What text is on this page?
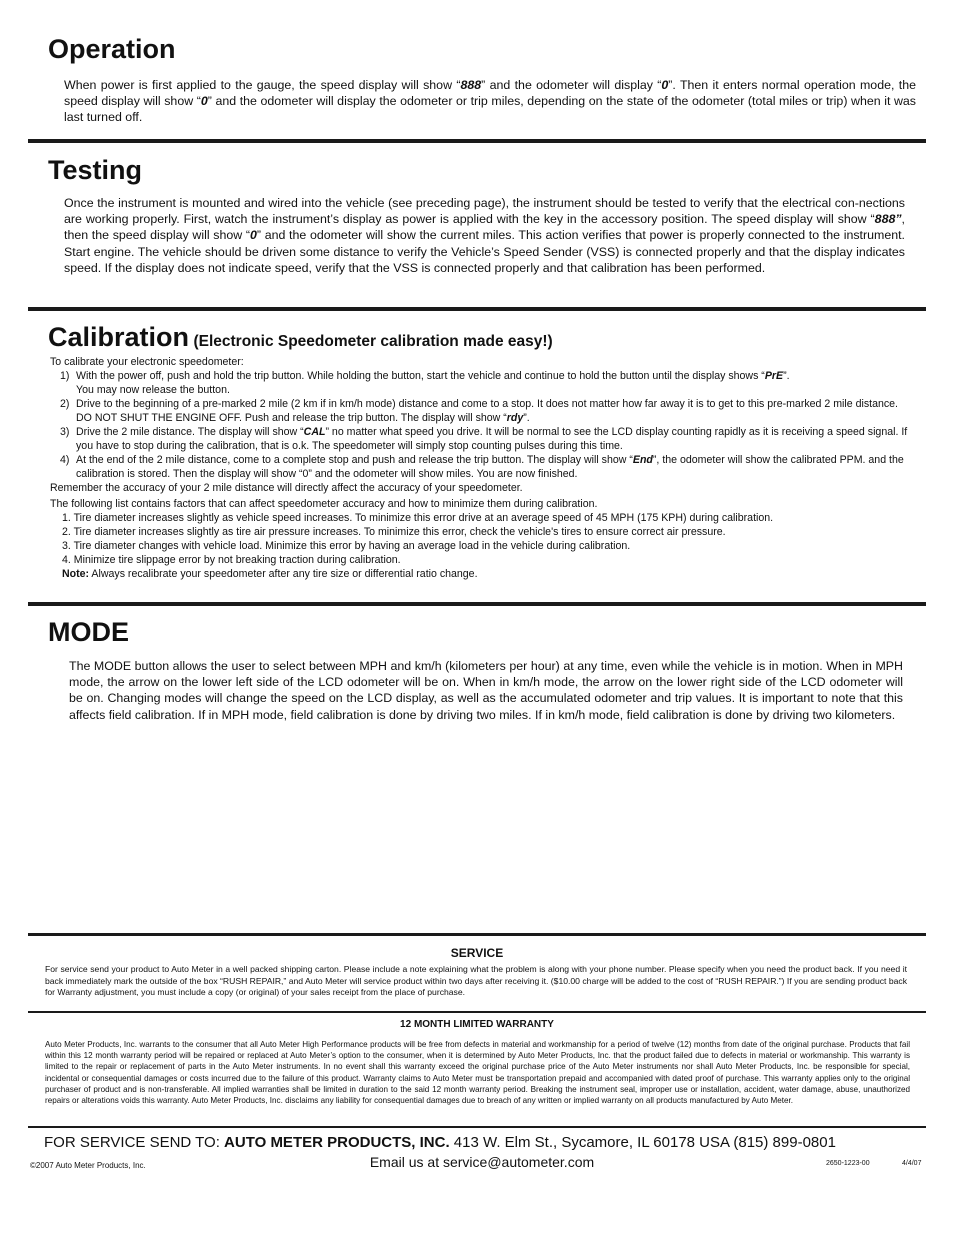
Operation

When power is first applied to the gauge, the speed display will show “888” and the odometer will display “0”. Then it enters normal operation mode, the speed display will show “0” and the odometer will display the odometer or trip miles, depending on the state of the odometer (total miles or trip) when it was last turned off.

Testing

Once the instrument is mounted and wired into the vehicle (see preceding page), the instrument should be tested to verify that the electrical con-nections are working properly. First, watch the instrument’s display as power is applied with the key in the accessory position. The speed display will show “888”, then the speed display will show “0” and the odometer will show the current miles. This action verifies that power is properly connected to the instrument. Start engine. The vehicle should be driven some distance to verify the Vehicle’s Speed Sender (VSS) is connected properly and that the display indicates speed. If the display does not indicate speed, verify that the VSS is connected properly and that calibration has been performed.

Calibration (Electronic Speedometer calibration made easy!)
To calibrate your electronic speedometer:
1) With the power off, push and hold the trip button. While holding the button, start the vehicle and continue to hold the button until the display shows “PrE”.
You may now release the button.
2) Drive to the beginning of a pre-marked 2 mile (2 km if in km/h mode) distance and come to a stop. It does not matter how far away it is to get to this pre-marked 2 mile distance. DO NOT SHUT THE ENGINE OFF. Push and release the trip button. The display will show “rdy”.
3) Drive the 2 mile distance. The display will show “CAL” no matter what speed you drive. It will be normal to see the LCD display counting rapidly as it is receiving a speed signal. If you have to stop during the calibration, that is o.k. The speedometer will simply stop counting pulses during this time.
4) At the end of the 2 mile distance, come to a complete stop and push and release the trip button. The display will show “End”, the odometer will show the calibrated PPM. and the calibration is stored. Then the display will show “0” and the odometer will show miles. You are now finished.
Remember the accuracy of your 2 mile distance will directly affect the accuracy of your speedometer.
The following list contains factors that can affect speedometer accuracy and how to minimize them during calibration.
1. Tire diameter increases slightly as vehicle speed increases. To minimize this error drive at an average speed of 45 MPH (175 KPH) during calibration.
2. Tire diameter increases slightly as tire air pressure increases. To minimize this error, check the vehicle's tires to ensure correct air pressure.
3. Tire diameter changes with vehicle load. Minimize this error by having an average load in the vehicle during calibration.
4. Minimize tire slippage error by not breaking traction during calibration.
Note: Always recalibrate your speedometer after any tire size or differential ratio change.
MODE

The MODE button allows the user to select between MPH and km/h (kilometers per hour) at any time, even while the vehicle is in motion. When in MPH mode, the arrow on the lower left side of the LCD odometer will be on. When in km/h mode, the arrow on the lower right side of the LCD odometer will be on. Changing modes will change the speed on the LCD display, as well as the accumulated odometer and trip values. It is important to note that this affects field calibration. If in MPH mode, field calibration is done by driving two miles. If in km/h mode, field calibration is done by driving two kilometers.

SERVICE

For service send your product to Auto Meter in a well packed shipping carton. Please include a note explaining what the problem is along with your phone number. Please specify when you need the product back. If you need it back immediately mark the outside of the box “RUSH REPAIR,” and Auto Meter will service product within two days after receiving it. ($10.00 charge will be added to the cost of “RUSH REPAIR.”) If you are sending product back for Warranty adjustment, you must include a copy (or original) of your sales receipt from the place of purchase.

12 MONTH LIMITED WARRANTY

Auto Meter Products, Inc. warrants to the consumer that all Auto Meter High Performance products will be free from defects in material and workmanship for a period of twelve (12) months from date of the original purchase. Products that fail within this 12 month warranty period will be repaired or replaced at Auto Meter’s option to the consumer, when it is determined by Auto Meter Products, Inc. that the product failed due to defects in material or workmanship. This warranty is limited to the repair or replacement of parts in the Auto Meter instruments. In no event shall this warranty exceed the original purchase price of the Auto Meter instruments nor shall Auto Meter Products, Inc. be responsible for special, incidental or consequential damages or costs incurred due to the failure of this product. Warranty claims to Auto Meter must be transportation prepaid and accompanied with dated proof of purchase. This warranty applies only to the original purchaser of product and is non-transferable. All implied warranties shall be limited in duration to the said 12 month warranty period. Breaking the instrument seal, improper use or installation, accident, water damage, abuse, unauthorized repairs or alterations voids this warranty. Auto Meter Products, Inc. disclaims any liability for consequential damages due to breach of any written or implied warranty on all products manufactured by Auto Meter.

FOR SERVICE SEND TO: AUTO METER PRODUCTS, INC. 413 W. Elm St., Sycamore, IL 60178 USA (815) 899-0801
Email us at service@autometer.com
©2007 Auto Meter Products, Inc.	2650-1223-00	4/4/07
